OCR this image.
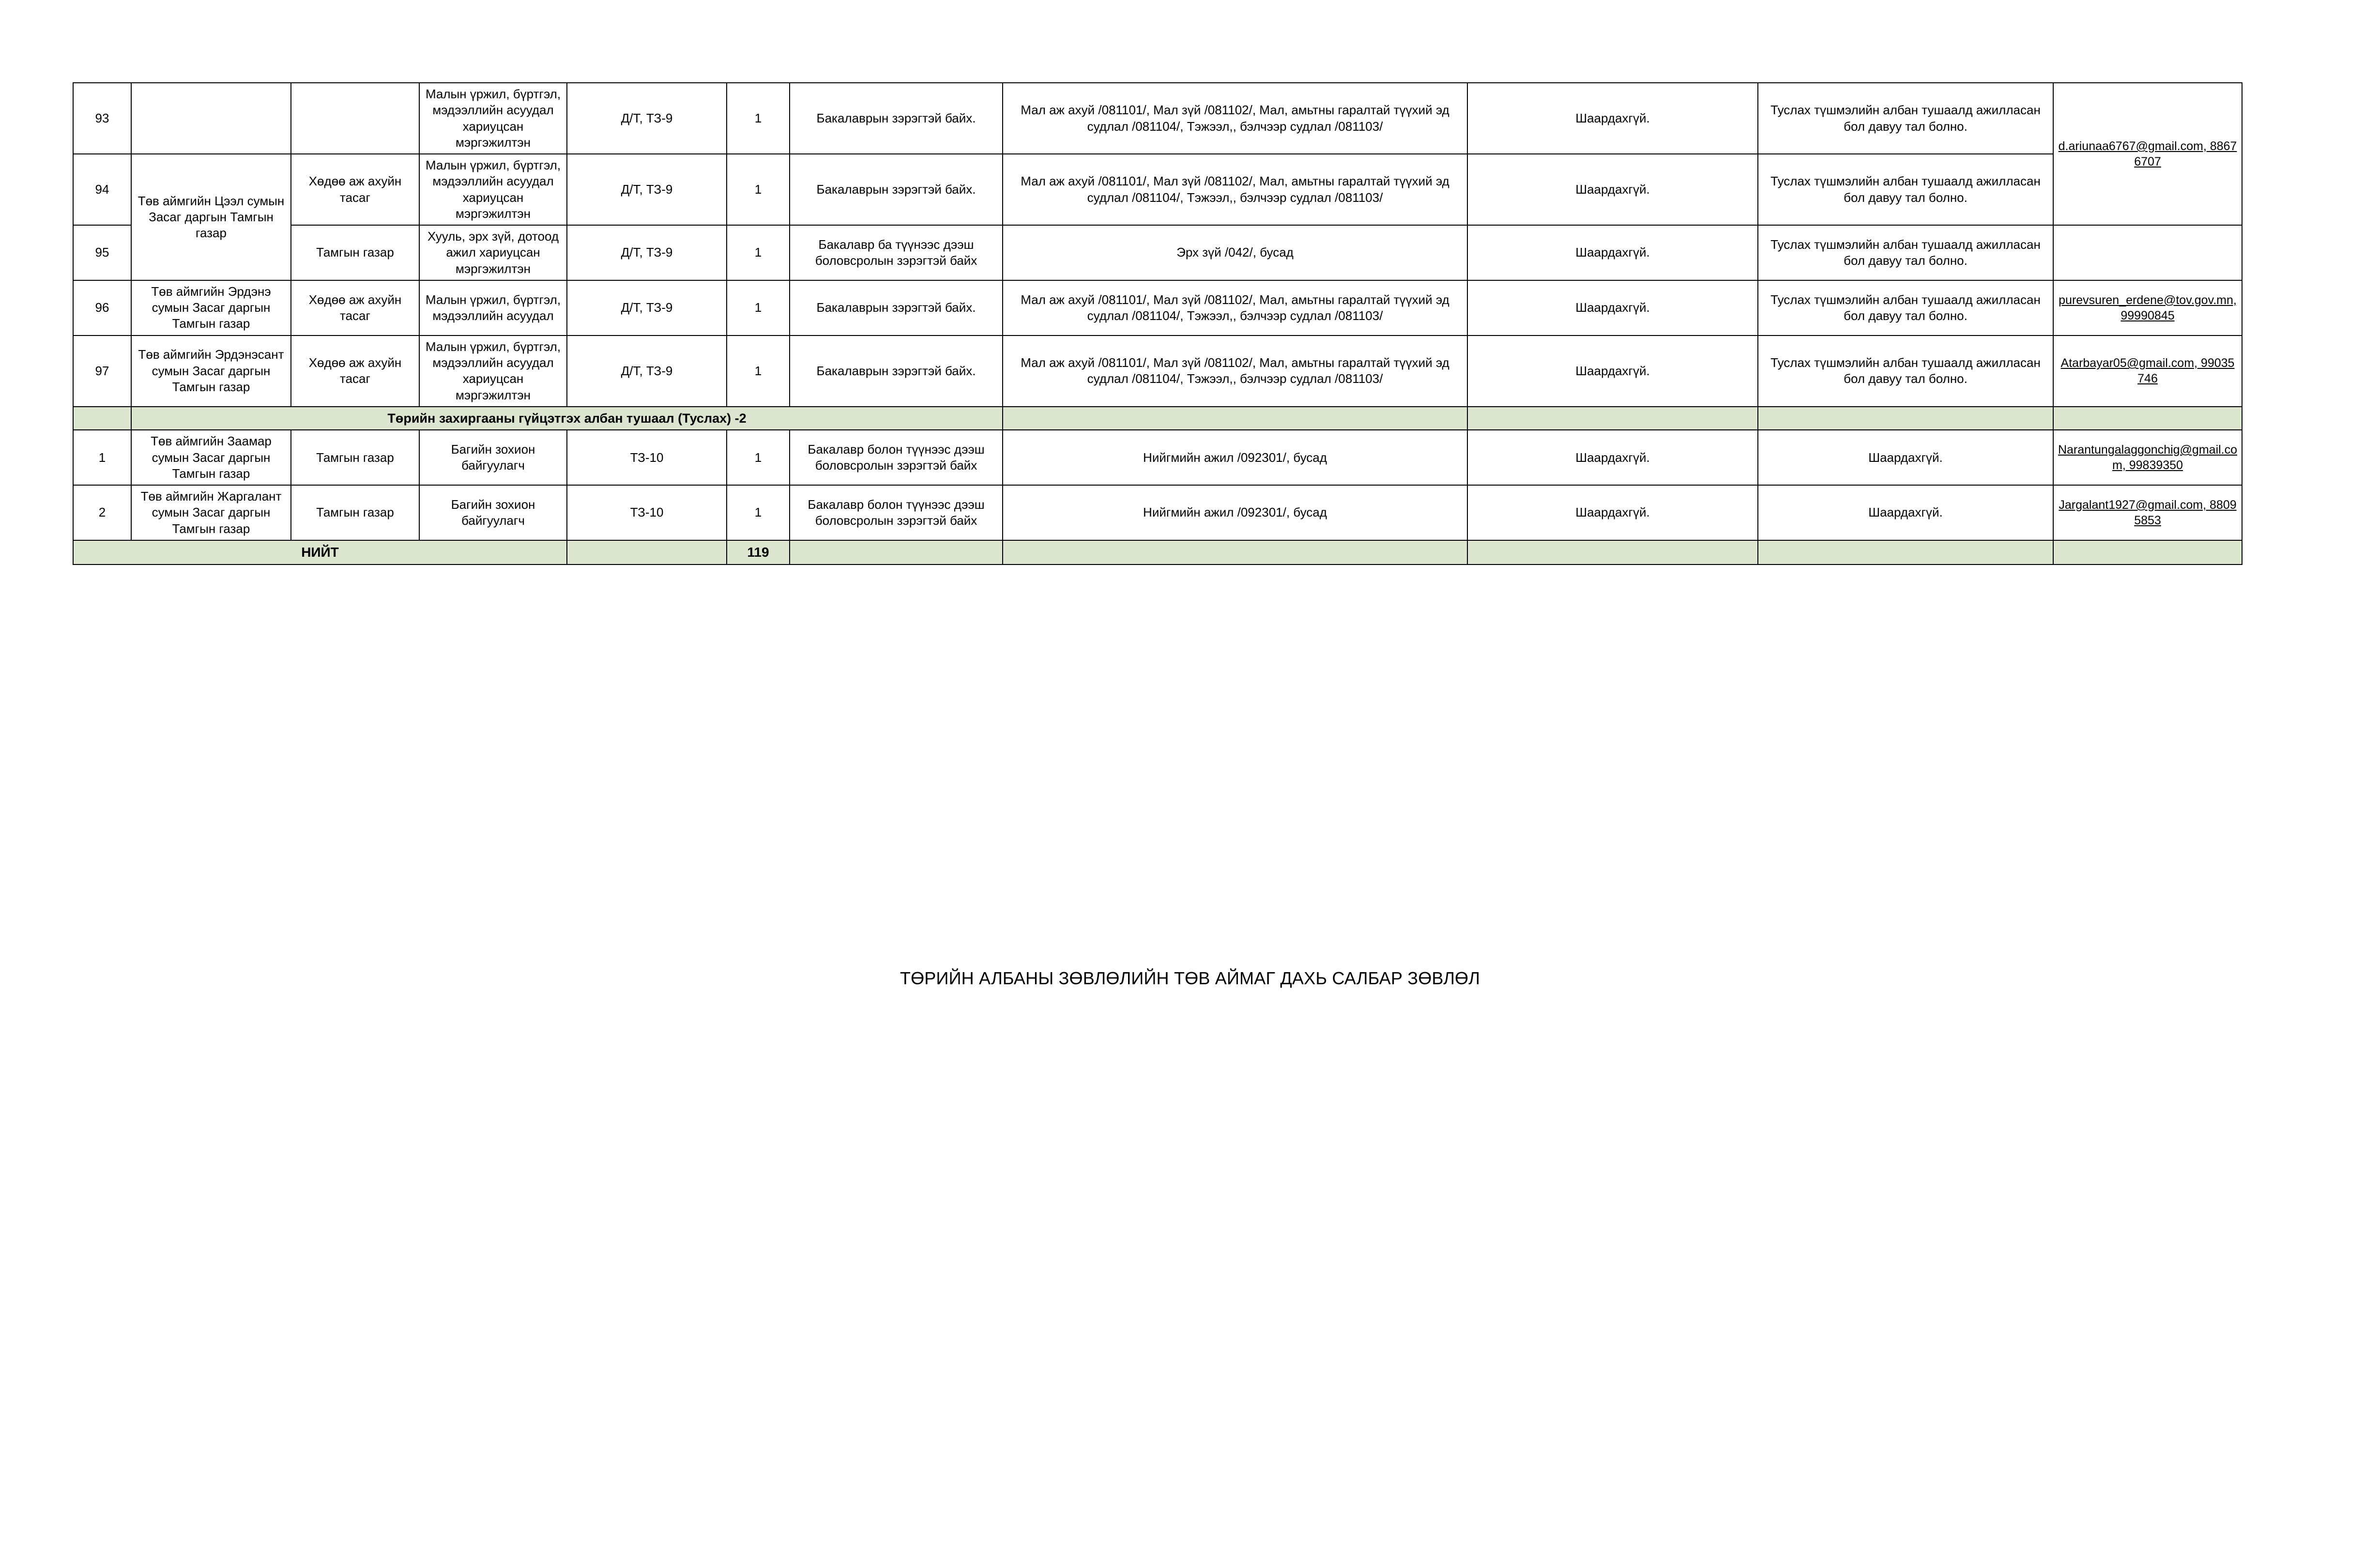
93			Малын үржил, бүртгэл, мэдээллийн асуудал хариуцсан мэргэжилтэн	Д/Т, ТЗ-9	1	Бакалаврын зэрэгтэй байх.	Мал аж ахуй /081101/, Мал зүй /081102/, Мал, амьтны гаралтай түүхий эд судлал /081104/, Тэжээл,, бэлчээр судлал /081103/	Шаардахгүй.	Туслах түшмэлийн албан тушаалд ажилласан бол давуу тал болно.	d.ariunaa6767@gmail.com, 88676707
94	Төв аймгийн Цээл сумын Засаг даргын Тамгын газар	Хөдөө аж ахуйн тасаг	Малын үржил, бүртгэл, мэдээллийн асуудал хариуцсан мэргэжилтэн	Д/Т, ТЗ-9	1	Бакалаврын зэрэгтэй байх.	Мал аж ахуй /081101/, Мал зүй /081102/, Мал, амьтны гаралтай түүхий эд судлал /081104/, Тэжээл,, бэлчээр судлал /081103/	Шаардахгүй.	Туслах түшмэлийн албан тушаалд ажилласан бол давуу тал болно.	
95		Тамгын газар	Хууль, эрх зүй, дотоод ажил хариуцсан мэргэжилтэн	Д/Т, ТЗ-9	1	Бакалавр ба түүнээс дээш боловсролын зэрэгтэй байх	Эрх зүй /042/, бусад	Шаардахгүй.	Туслах түшмэлийн албан тушаалд ажилласан бол давуу тал болно.	
96	Төв аймгийн Эрдэнэ сумын Засаг даргын Тамгын газар	Хөдөө аж ахуйн тасаг	Малын үржил, бүртгэл, мэдээллийн асуудал	Д/Т, ТЗ-9	1	Бакалаврын зэрэгтэй байх.	Мал аж ахуй /081101/, Мал зүй /081102/, Мал, амьтны гаралтай түүхий эд судлал /081104/, Тэжээл,, бэлчээр судлал /081103/	Шаардахгүй.	Туслах түшмэлийн албан тушаалд ажилласан бол давуу тал болно.	purevsuren_erdene@tov.gov.mn, 99990845
97	Төв аймгийн Эрдэнэсант сумын Засаг даргын Тамгын газар	Хөдөө аж ахуйн тасаг	Малын үржил, бүртгэл, мэдээллийн асуудал хариуцсан мэргэжилтэн	Д/Т, ТЗ-9	1	Бакалаврын зэрэгтэй байх.	Мал аж ахуй /081101/, Мал зүй /081102/, Мал, амьтны гаралтай түүхий эд судлал /081104/, Тэжээл,, бэлчээр судлал /081103/	Шаардахгүй.	Туслах түшмэлийн албан тушаалд ажилласан бол давуу тал болно.	Atarbayar05@gmail.com, 99035746
	Төрийн захиргааны гүйцэтгэх албан тушаал (Туслах) -2									
1	Төв аймгийн Заамар сумын Засаг даргын Тамгын газар	Тамгын газар	Багийн зохион байгуулагч	ТЗ-10	1	Бакалавр болон түүнээс дээш боловсролын зэрэгтэй байх	Нийгмийн ажил /092301/, бусад	Шаардахгүй.	Шаардахгүй.	Narantungalaggonchig@gmail.com, 99839350
2	Төв аймгийн Жаргалант сумын Засаг даргын Тамгын газар	Тамгын газар	Багийн зохион байгуулагч	ТЗ-10	1	Бакалавр болон түүнээс дээш боловсролын зэрэгтэй байх	Нийгмийн ажил /092301/, бусад	Шаардахгүй.	Шаардахгүй.	Jargalant1927@gmail.com, 88095853
НИЙТ					119					
ТӨРИЙН АЛБАНЫ ЗӨВЛӨЛИЙН ТӨВ АЙМАГ ДАХЬ САЛБАР ЗӨВЛӨЛ
